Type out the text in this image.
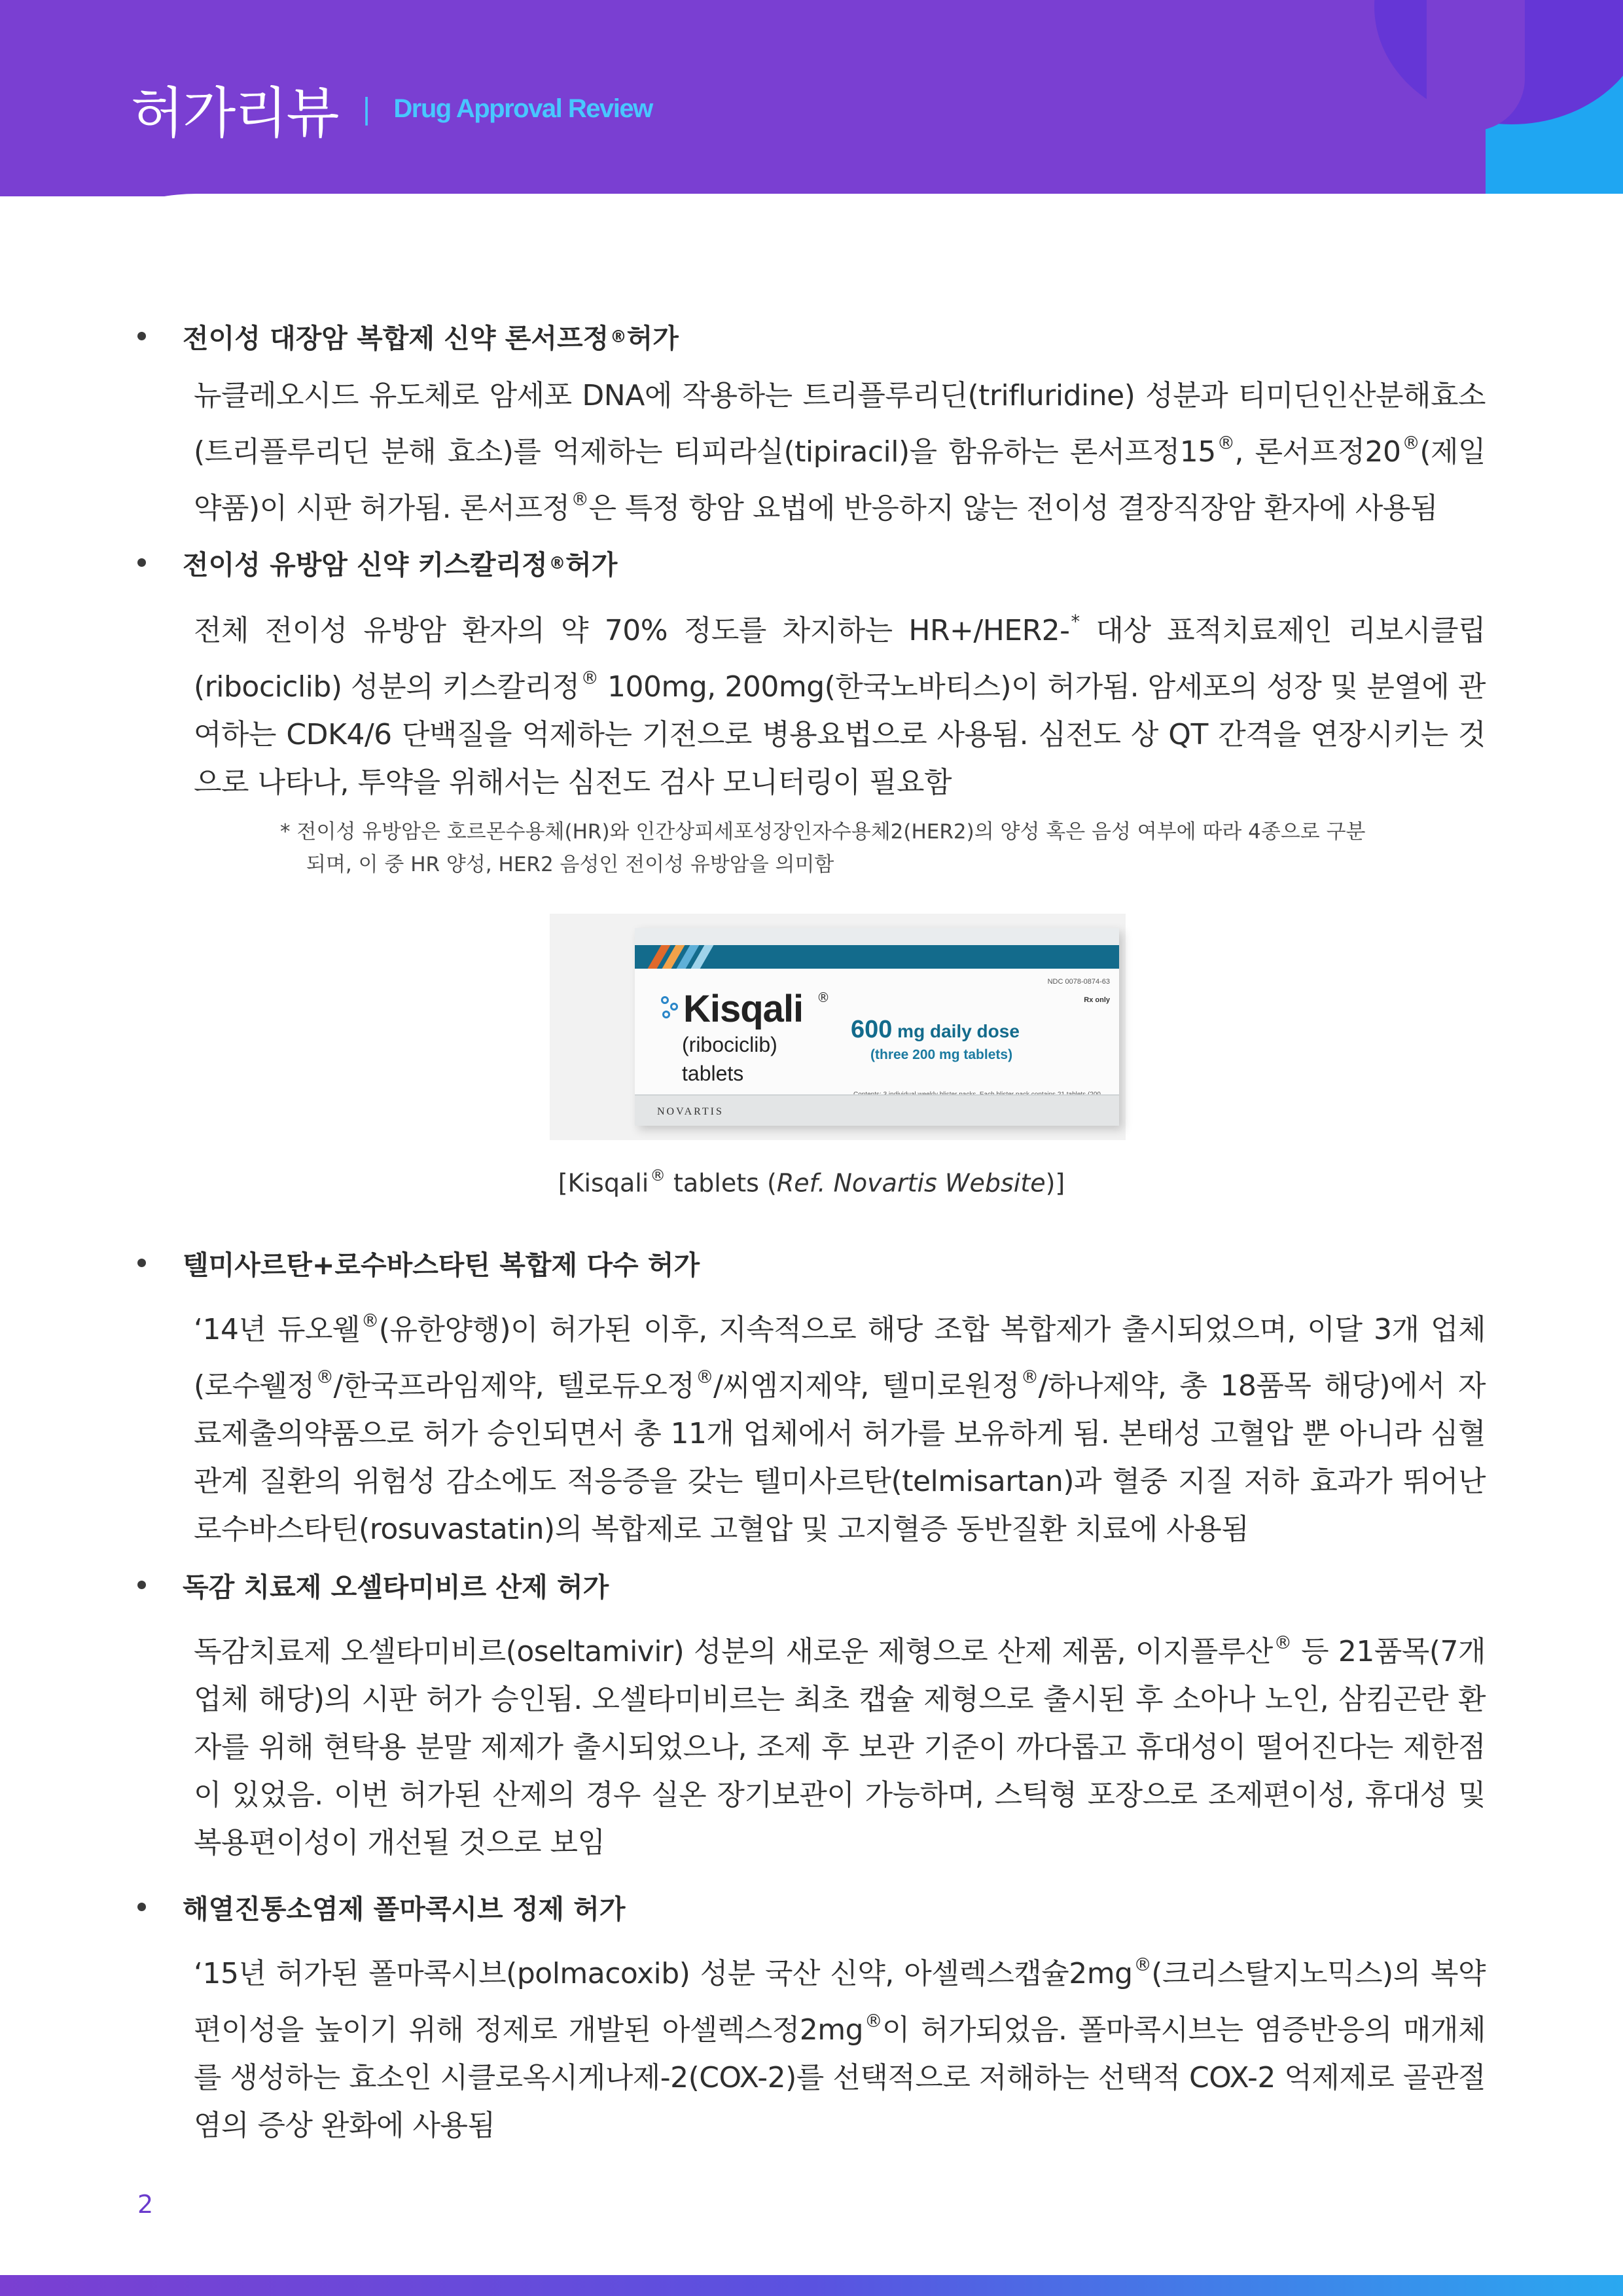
허가리뷰 | Drug Approval Review
전이성 대장암 복합제 신약 론서프정 ® 허가
뉴클레오시드 유도체로 암세포 DNA에 작용하는 트리플루리딘(trifluridine) 성분과 티미딘인산분해효소(트리플루리딘 분해 효소)를 억제하는 티피라실(tipiracil)을 함유하는 론서프정15®, 론서프정20®(제일약품)이 시판 허가됨. 론서프정®은 특정 항암 요법에 반응하지 않는 전이성 결장직장암 환자에 사용됨
전이성 유방암 신약 키스칼리정 ® 허가
전체 전이성 유방암 환자의 약 70% 정도를 차지하는 HR+/HER2-* 대상 표적치료제인 리보시클립(ribociclib) 성분의 키스칼리정® 100mg, 200mg(한국노바티스)이 허가됨. 암세포의 성장 및 분열에 관여하는 CDK4/6 단백질을 억제하는 기전으로 병용요법으로 사용됨. 심전도 상 QT 간격을 연장시키는 것으로 나타나, 투약을 위해서는 심전도 검사 모니터링이 필요함
* 전이성 유방암은 호르몬수용체(HR)와 인간상피세포성장인자수용체2(HER2)의 양성 혹은 음성 여부에 따라 4종으로 구분
되며, 이 중 HR 양성, HER2 음성인 전이성 유방암을 의미함
NDC 0078-0874-63
Rx only
Kisqali ®
(ribociclib)
tablets
600 mg daily dose
(three 200 mg tablets)
NOVARTIS
[Kisqali® tablets (Ref. Novartis Website)]
텔미사르탄+로수바스타틴 복합제 다수 허가
‘14년 듀오웰®(유한양행)이 허가된 이후, 지속적으로 해당 조합 복합제가 출시되었으며, 이달 3개 업체(로수웰정®/한국프라임제약, 텔로듀오정®/씨엠지제약, 텔미로원정®/하나제약, 총 18품목 해당)에서 자료제출의약품으로 허가 승인되면서 총 11개 업체에서 허가를 보유하게 됨. 본태성 고혈압 뿐 아니라 심혈관계 질환의 위험성 감소에도 적응증을 갖는 텔미사르탄(telmisartan)과 혈중 지질 저하 효과가 뛰어난 로수바스타틴(rosuvastatin)의 복합제로 고혈압 및 고지혈증 동반질환 치료에 사용됨
독감 치료제 오셀타미비르 산제 허가
독감치료제 오셀타미비르(oseltamivir) 성분의 새로운 제형으로 산제 제품, 이지플루산® 등 21품목(7개 업체 해당)의 시판 허가 승인됨. 오셀타미비르는 최초 캡슐 제형으로 출시된 후 소아나 노인, 삼킴곤란 환자를 위해 현탁용 분말 제제가 출시되었으나, 조제 후 보관 기준이 까다롭고 휴대성이 떨어진다는 제한점이 있었음. 이번 허가된 산제의 경우 실온 장기보관이 가능하며, 스틱형 포장으로 조제편이성, 휴대성 및 복용편이성이 개선될 것으로 보임
해열진통소염제 폴마콕시브 정제 허가
‘15년 허가된 폴마콕시브(polmacoxib) 성분 국산 신약, 아셀렉스캡슐2mg®(크리스탈지노믹스)의 복약편이성을 높이기 위해 정제로 개발된 아셀렉스정2mg®이 허가되었음. 폴마콕시브는 염증반응의 매개체를 생성하는 효소인 시클로옥시게나제-2(COX-2)를 선택적으로 저해하는 선택적 COX-2 억제제로 골관절염의 증상 완화에 사용됨
2
